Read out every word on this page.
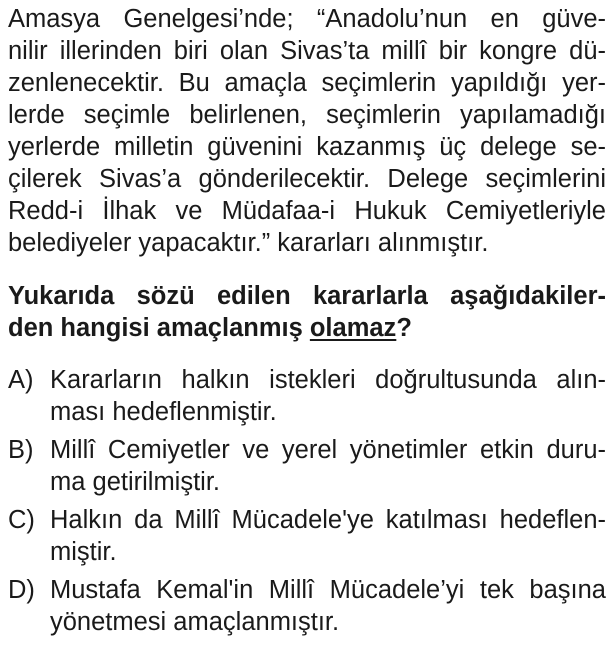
Amasya Genelgesi’nde; “Anadolu’nun en güve-
nilir illerinden biri olan Sivas’ta millî bir kongre dü-
zenlenecektir. Bu amaçla seçimlerin yapıldığı yer-
lerde seçimle belirlenen, seçimlerin yapılamadığı
yerlerde milletin güvenini kazanmış üç delege se-
çilerek Sivas’a gönderilecektir. Delege seçimlerini
Redd-i İlhak ve Müdafaa-i Hukuk Cemiyetleriyle
belediyeler yapacaktır.” kararları alınmıştır.
Yukarıda sözü edilen kararlarla aşağıdakiler-
den hangisi amaçlanmış olamaz?
A) Kararların halkın istekleri doğrultusunda alın-
ması hedeflenmiştir.
B) Millî Cemiyetler ve yerel yönetimler etkin duru-
ma getirilmiştir.
C) Halkın da Millî Mücadele'ye katılması hedeflen-
miştir.
D) Mustafa Kemal'in Millî Mücadele’yi tek başına
yönetmesi amaçlanmıştır.
